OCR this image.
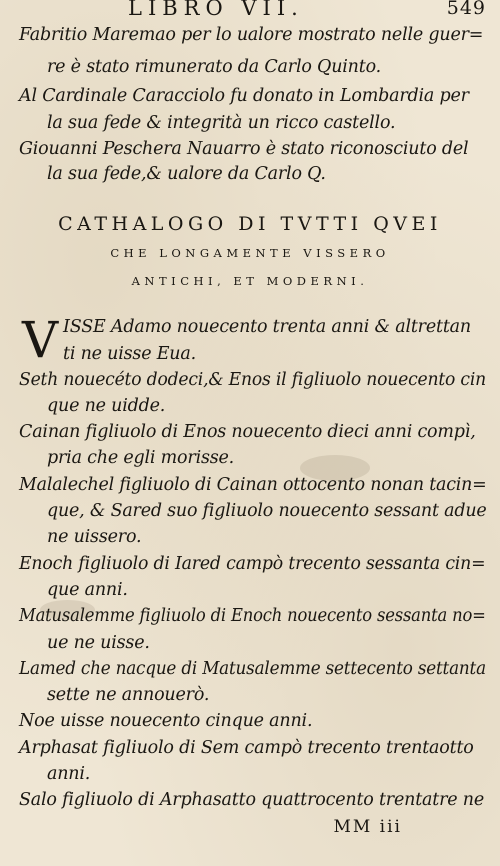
LIBRO VII.	549
Fabritio Maremao per lo ualore mostrato nelle guer=
re è stato rimunerato da Carlo Quinto.
Al Cardinale Caracciolo fu donato in Lombardia per
la sua fede & integrità un ricco castello.
Giouanni Peschera Nauarro è stato riconosciuto del
la sua fede,& ualore da Carlo Q.
CATHALOGO DI TVTTI QVEI
CHE LONGAMENTE VISSERO
ANTICHI, ET MODERNI.
V ISSE Adamo nouecento trenta anni & altrettan
ti ne uisse Eua.
Seth nouecéto dodeci,& Enos il figliuolo nouecento cin
que ne uidde.
Cainan figliuolo di Enos nouecento dieci anni compì,
pria che egli morisse.
Malalechel figliuolo di Cainan ottocento nonan tacin=
que, & Sared suo figliuolo nouecento sessant adue
ne uissero.
Enoch figliuolo di Iared campò trecento sessanta cin=
que anni.
Matusalemme figliuolo di Enoch nouecento sessanta no=
ue ne uisse.
Lamed che nacque di Matusalemme settecento settanta
sette ne annouerò.
Noe uisse nouecento cinque anni.
Arphasat figliuolo di Sem campò trecento trentaotto
anni.
Salo figliuolo di Arphasatto quattrocento trentatre ne
MM iii
